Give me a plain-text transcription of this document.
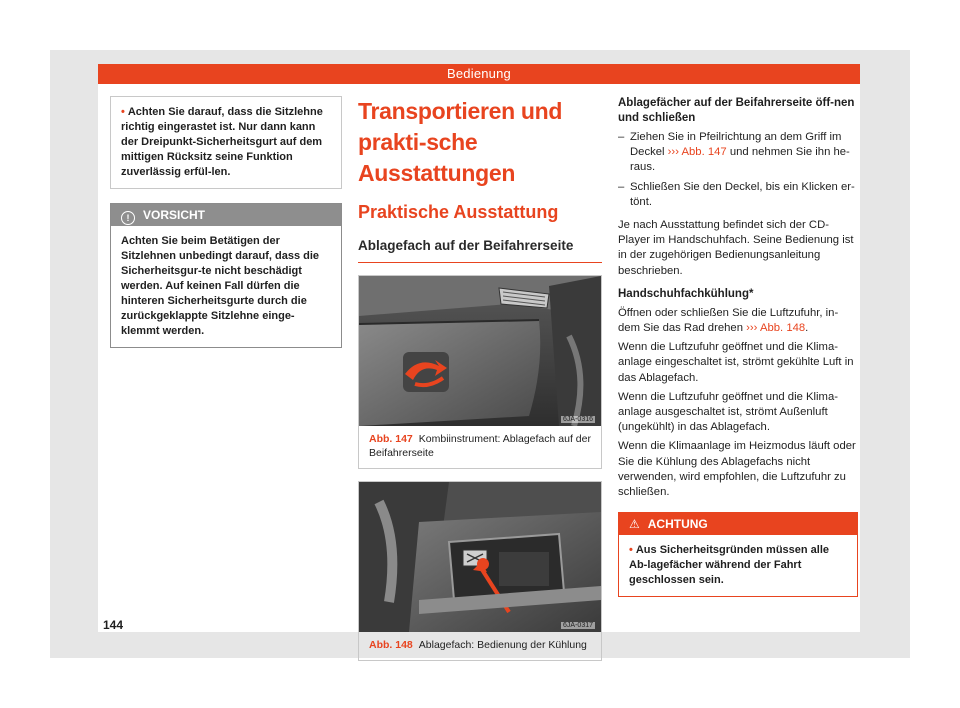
Bedienung
• Achten Sie darauf, dass die Sitzlehne richtig eingerastet ist. Nur dann kann der Dreipunkt-Sicherheitsgurt auf dem mittigen Rücksitz seine Funktion zuverlässig erfül-len.
! VORSICHT
Achten Sie beim Betätigen der Sitzlehnen unbedingt darauf, dass die Sicherheitsgur-te nicht beschädigt werden. Auf keinen Fall dürfen die hinteren Sicherheitsgurte durch die zurückgeklappte Sitzlehne einge-klemmt werden.
Transportieren und prakti-sche Ausstattungen
Praktische Ausstattung
Ablagefach auf der Beifahrerseite
6JA-0316
Abb. 147 Kombiinstrument: Ablagefach auf der Beifahrerseite
6JA-0317
Abb. 148 Ablagefach: Bedienung der Kühlung

Ablagefächer auf der Beifahrerseite öff-nen und schließen

– Ziehen Sie in Pfeilrichtung an dem Griff im Deckel ››› Abb. 147 und nehmen Sie ihn he-raus.
– Schließen Sie den Deckel, bis ein Klicken er-tönt.

Je nach Ausstattung befindet sich der CD-Player im Handschuhfach. Seine Bedienung ist in der zugehörigen Bedienungsanleitung beschrieben.

Handschuhfachkühlung*

Öffnen oder schließen Sie die Luftzufuhr, in-dem Sie das Rad drehen ››› Abb. 148.

Wenn die Luftzufuhr geöffnet und die Klima-anlage eingeschaltet ist, strömt gekühlte Luft in das Ablagefach.

Wenn die Luftzufuhr geöffnet und die Klima-anlage ausgeschaltet ist, strömt Außenluft (ungekühlt) in das Ablagefach.

Wenn die Klimaanlage im Heizmodus läuft oder Sie die Kühlung des Ablagefachs nicht verwenden, wird empfohlen, die Luftzufuhr zu schließen.

⚠ ACHTUNG
• Aus Sicherheitsgründen müssen alle Ab-lagefächer während der Fahrt geschlossen sein.
144
